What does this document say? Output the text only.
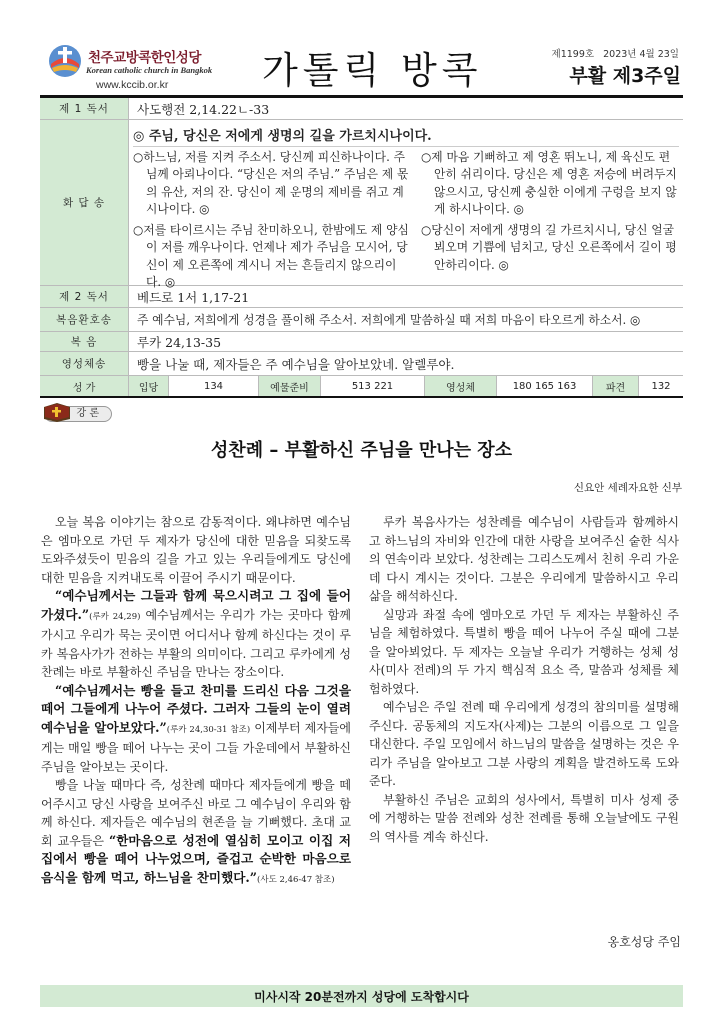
천주교방콕한인성당
Korean catholic church in Bangkok
www.kccib.or.kr	가톨릭 방콕	제1199호 2023년 4월 23일
부활 제3주일
제 1 독서	사도행전 2,14.22ㄴ-33
화 답 송
◎ 주님, 당신은 저에게 생명의 길을 가르치시나이다.
○하느님, 저를 지켜 주소서. 당신께 피신하나이다. 주님께 아뢰나이다. “당신은 저의 주님.” 주님은 제 몫의 유산, 저의 잔. 당신이 제 운명의 제비를 쥐고 계시나이다. ◎
○제 마음 기뻐하고 제 영혼 뛰노니, 제 육신도 편안히 쉬리이다. 당신은 제 영혼 저승에 버려두지 않으시고, 당신께 충실한 이에게 구렁을 보지 않게 하시나이다. ◎
○저를 타이르시는 주님 찬미하오니, 한밤에도 제 양심이 저를 깨우나이다. 언제나 제가 주님을 모시어, 당신이 제 오른쪽에 계시니 저는 흔들리지 않으리이다. ◎
○당신이 저에게 생명의 길 가르치시니, 당신 얼굴 뵈오며 기쁨에 넘치고, 당신 오른쪽에서 길이 평안하리이다. ◎
제 2 독서	베드로 1서 1,17-21
복음환호송	주 예수님, 저희에게 성경을 풀이해 주소서. 저희에게 말씀하실 때 저희 마음이 타오르게 하소서. ◎
복 음	루카 24,13-35
영성체송	빵을 나눌 때, 제자들은 주 예수님을 알아보았네. 알렐루야.
성 가	입당	134	예물준비	513 221	영성체	180 165 163	파견	132
강 론
성찬례 – 부활하신 주님을 만나는 장소
신요안 세례자요한 신부

오늘 복음 이야기는 참으로 감동적이다. 왜냐하면 예수님은 엠마오로 가던 두 제자가 당신에 대한 믿음을 되찾도록 도와주셨듯이 믿음의 길을 가고 있는 우리들에게도 당신에 대한 믿음을 지켜내도록 이끌어 주시기 때문이다.

“예수님께서는 그들과 함께 묵으시려고 그 집에 들어가셨다.”(루카 24,29) 예수님께서는 우리가 가는 곳마다 함께 가시고 우리가 묵는 곳이면 어디서나 함께 하신다는 것이 루카 복음사가가 전하는 부활의 의미이다. 그리고 루카에게 성찬례는 바로 부활하신 주님을 만나는 장소이다.

“예수님께서는 빵을 들고 찬미를 드리신 다음 그것을 떼어 그들에게 나누어 주셨다. 그러자 그들의 눈이 열려 예수님을 알아보았다.”(루카 24,30-31 참조) 이제부터 제자들에게는 매일 빵을 떼어 나누는 곳이 그들 가운데에서 부활하신 주님을 알아보는 곳이다.

빵을 나눌 때마다 즉, 성찬례 때마다 제자들에게 빵을 떼어주시고 당신 사랑을 보여주신 바로 그 예수님이 우리와 함께 하신다. 제자들은 예수님의 현존을 늘 기뻐했다. 초대 교회 교우들은 “한마음으로 성전에 열심히 모이고 이집 저집에서 빵을 떼어 나누었으며, 즐겁고 순박한 마음으로 음식을 함께 먹고, 하느님을 찬미했다.”(사도 2,46-47 참조)

루카 복음사가는 성찬례를 예수님이 사람들과 함께하시고 하느님의 자비와 인간에 대한 사랑을 보여주신 숱한 식사의 연속이라 보았다. 성찬례는 그리스도께서 친히 우리 가운데 다시 계시는 것이다. 그분은 우리에게 말씀하시고 우리 삶을 해석하신다.

실망과 좌절 속에 엠마오로 가던 두 제자는 부활하신 주님을 체험하였다. 특별히 빵을 떼어 나누어 주실 때에 그분을 알아뵈었다. 두 제자는 오늘날 우리가 거행하는 성체 성사(미사 전례)의 두 가지 핵심적 요소 즉, 말씀과 성체를 체험하였다.

예수님은 주일 전례 때 우리에게 성경의 참의미를 설명해주신다. 공동체의 지도자(사제)는 그분의 이름으로 그 일을 대신한다. 주일 모임에서 하느님의 말씀을 설명하는 것은 우리가 주님을 알아보고 그분 사랑의 계획을 발견하도록 도와준다.

부활하신 주님은 교회의 성사에서, 특별히 미사 성제 중에 거행하는 말씀 전례와 성찬 전례를 통해 오늘날에도 구원의 역사를 계속 하신다.

옹호성당 주임
미사시작 20분전까지 성당에 도착합시다
